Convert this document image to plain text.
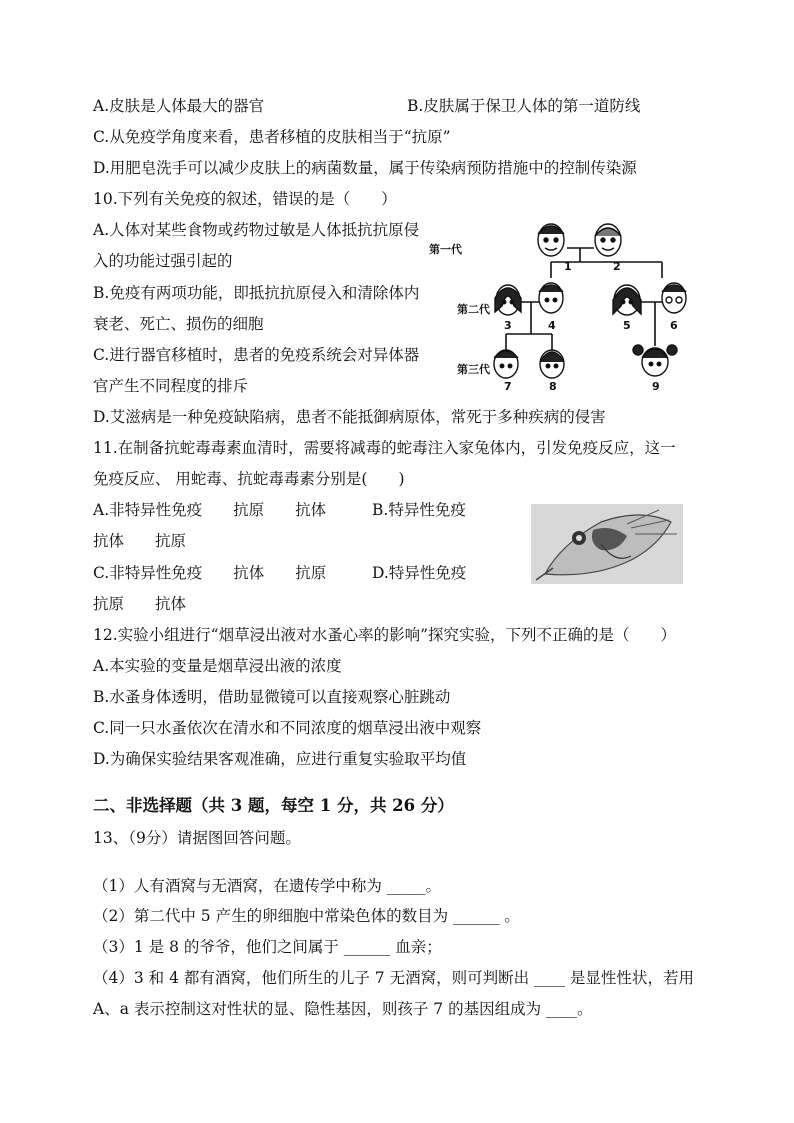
A.皮肤是人体最大的器官	B.皮肤属于保卫人体的第一道防线
C.从免疫学角度来看，患者移植的皮肤相当于“抗原”
D.用肥皂洗手可以减少皮肤上的病菌数量，属于传染病预防措施中的控制传染源
10.下列有关免疫的叙述，错误的是（　　）
A.人体对某些食物或药物过敏是人体抵抗抗原侵
入的功能过强引起的
B.免疫有两项功能，即抵抗抗原侵入和清除体内
衰老、死亡、损伤的细胞
C.进行器官移植时，患者的免疫系统会对异体器
官产生不同程度的排斥
D.艾滋病是一种免疫缺陷病，患者不能抵御病原体，常死于多种疾病的侵害
第一代
第二代
第三代
1	2
3	4	5	6
7	8	9
11.在制备抗蛇毒毒素血清时，需要将减毒的蛇毒注入家兔体内，引发免疫反应，这一
免疫反应、 用蛇毒、抗蛇毒毒素分别是(　　)
A.非特异性免疫　　抗原　　抗体	B.特异性免疫
抗体　　抗原
C.非特异性免疫　　抗体　　抗原	D.特异性免疫
抗原　　抗体
12.实验小组进行“烟草浸出液对水蚤心率的影响”探究实验，下列不正确的是（　　）
A.本实验的变量是烟草浸出液的浓度
B.水蚤身体透明，借助显微镜可以直接观察心脏跳动
C.同一只水蚤依次在清水和不同浓度的烟草浸出液中观察
D.为确保实验结果客观准确，应进行重复实验取平均值
二、非选择题（共 3 题，每空 1 分，共 26 分）
13、（9分）请据图回答问题。
（1）人有酒窝与无酒窝，在遗传学中称为 _____。
（2）第二代中 5 产生的卵细胞中常染色体的数目为 ______ 。
（3）1 是 8 的爷爷，他们之间属于 ______ 血亲；
（4）3 和 4 都有酒窝，他们所生的儿子 7 无酒窝，则可判断出 ____ 是显性性状，若用
A、a 表示控制这对性状的显、隐性基因，则孩子 7 的基因组成为 ____。
